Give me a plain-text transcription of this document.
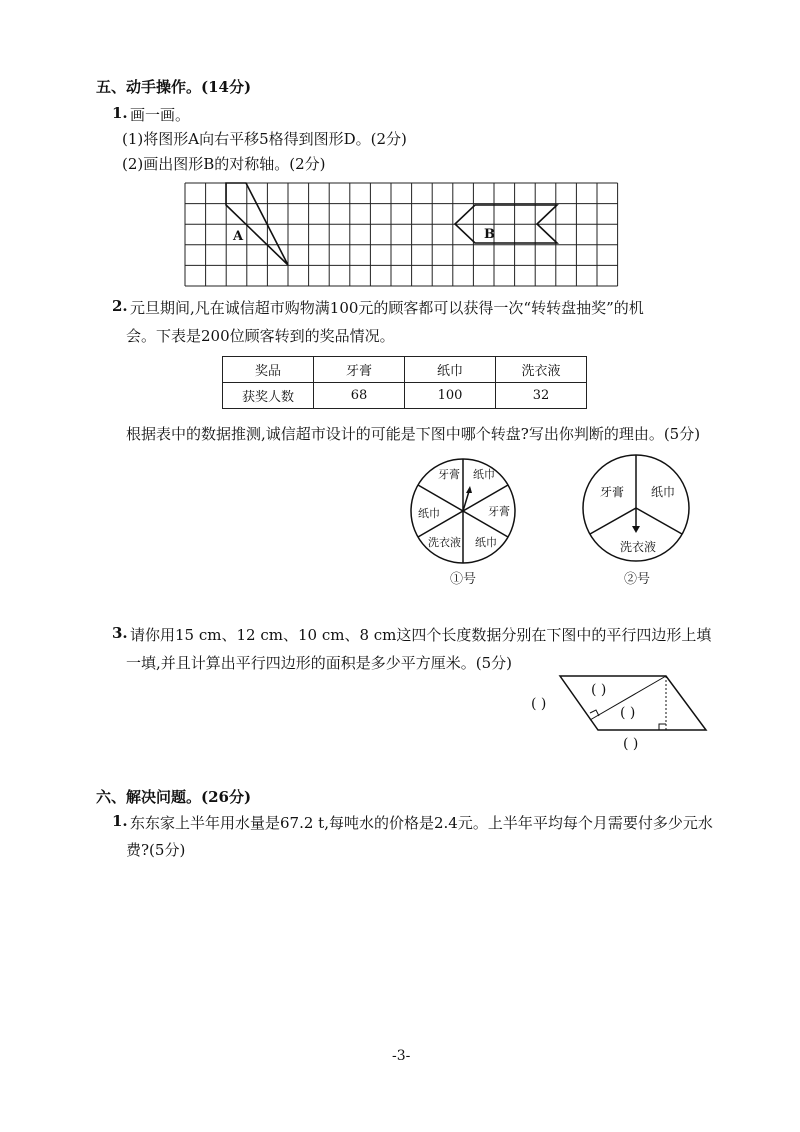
五、动手操作。(14分)
1. 画一画。
(1)将图形A向右平移5格得到图形D。(2分)
(2)画出图形B的对称轴。(2分)
A	B
2. 元旦期间,凡在诚信超市购物满100元的顾客都可以获得一次“转转盘抽奖”的机
会。下表是200位顾客转到的奖品情况。
奖品	牙膏	纸巾	洗衣液
获奖人数	68	100	32
根据表中的数据推测,诚信超市设计的可能是下图中哪个转盘?写出你判断的理由。(5分)
牙膏 纸巾
牙膏
纸巾
洗衣液
纸巾
①号
牙膏 纸巾
洗衣液
②号
3. 请你用15 cm、12 cm、10 cm、8 cm这四个长度数据分别在下图中的平行四边形上填
一填,并且计算出平行四边形的面积是多少平方厘米。(5分)
( )
( )
( )
( )
六、解决问题。(26分)
1. 东东家上半年用水量是67.2 t,每吨水的价格是2.4元。上半年平均每个月需要付多少元水
费?(5分)
-3-
